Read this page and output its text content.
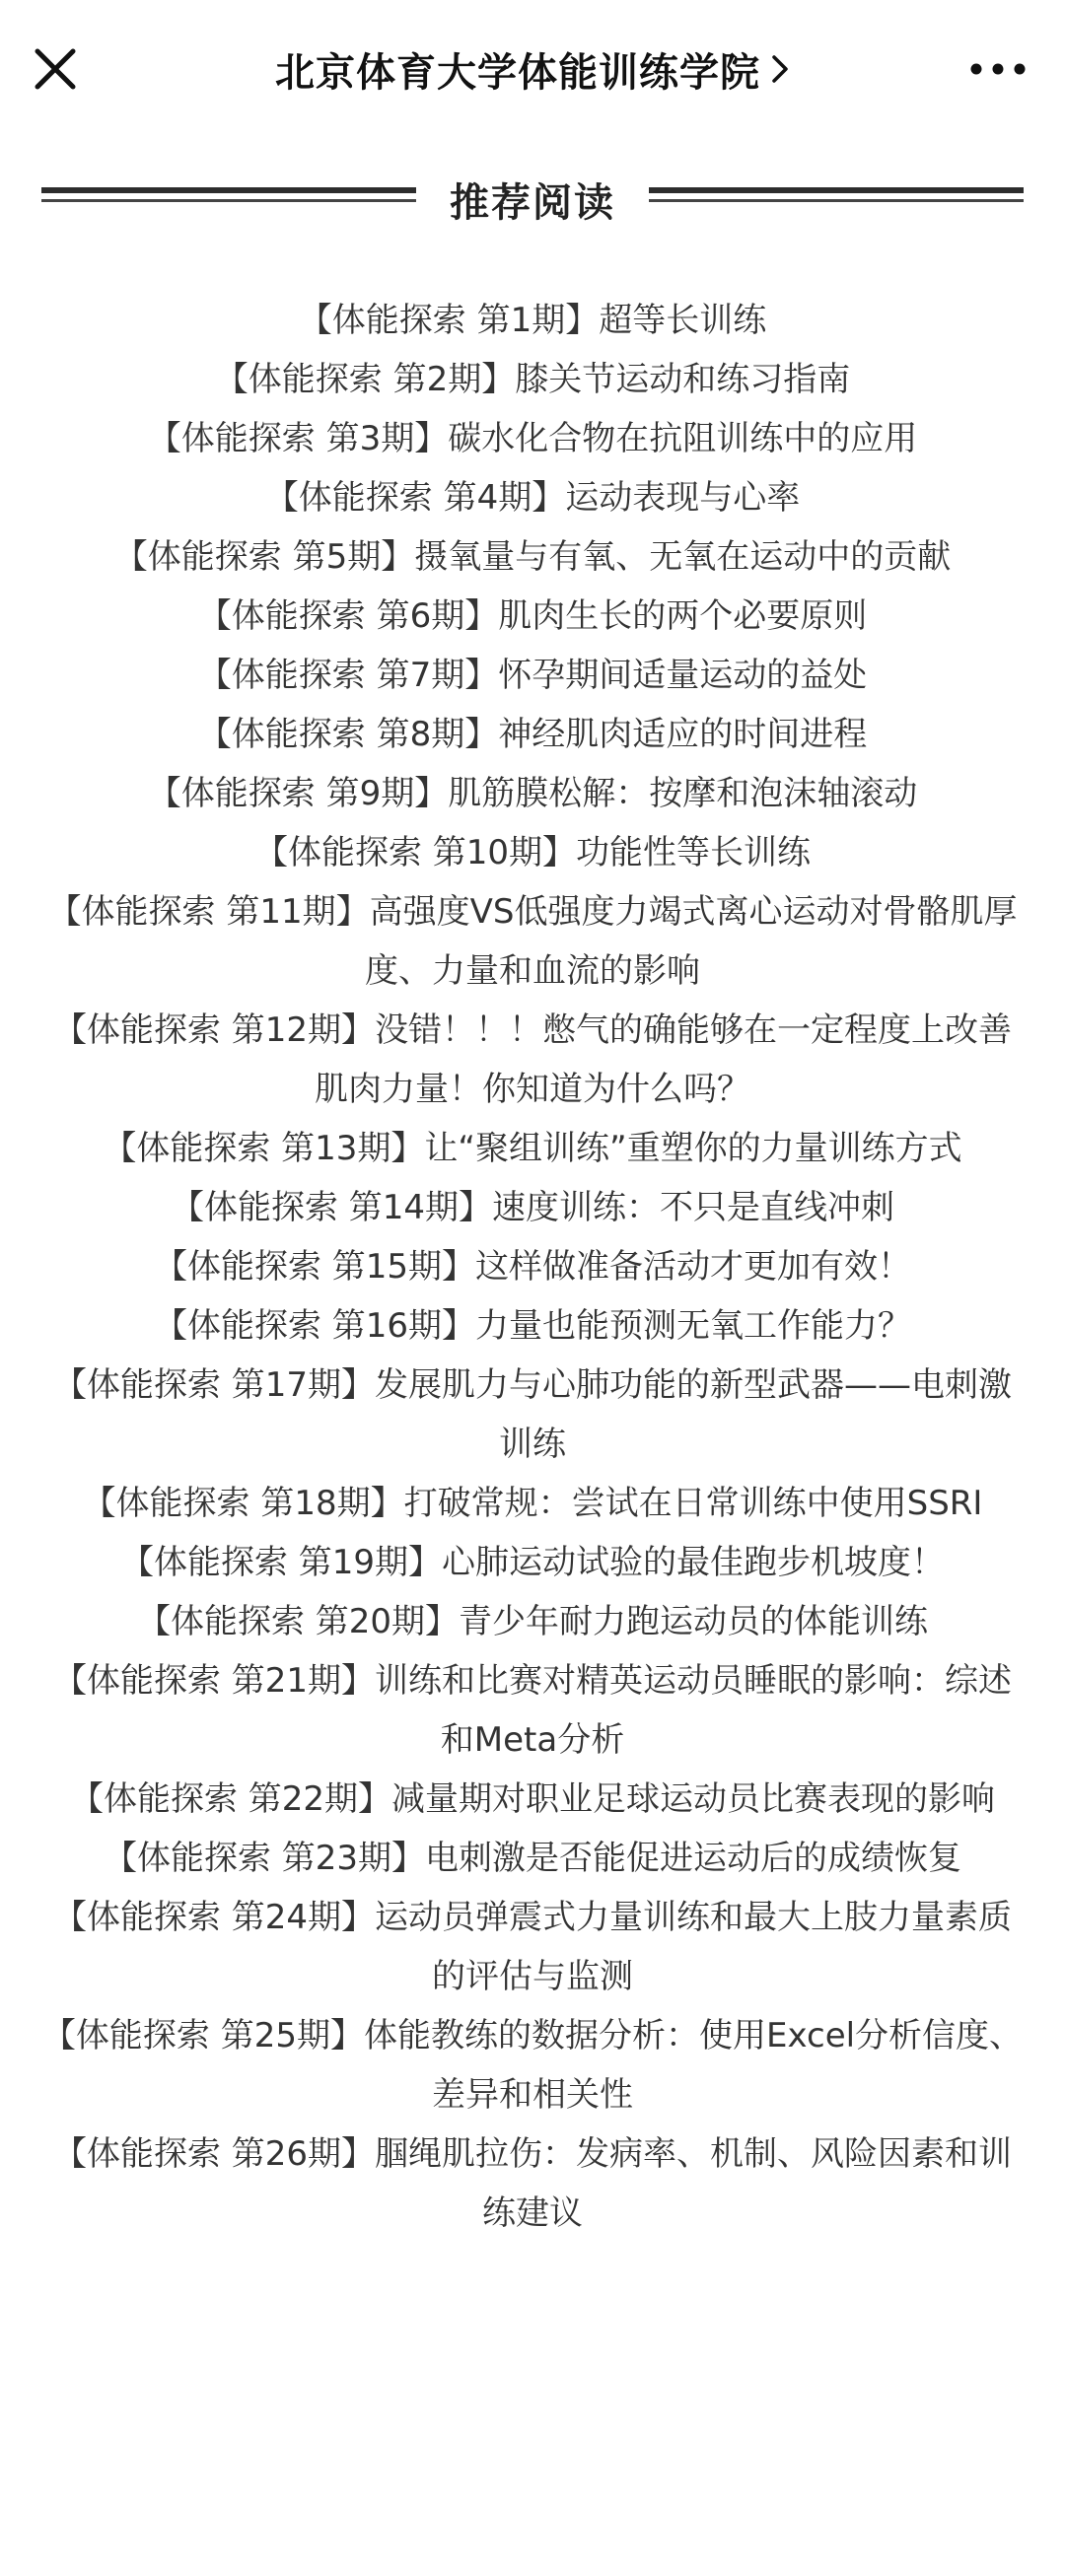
北京体育大学体能训练学院
推荐阅读
【体能探索 第1期】超等长训练
【体能探索 第2期】膝关节运动和练习指南
【体能探索 第3期】碳水化合物在抗阻训练中的应用
【体能探索 第4期】运动表现与心率
【体能探索 第5期】摄氧量与有氧、无氧在运动中的贡献
【体能探索 第6期】肌肉生长的两个必要原则
【体能探索 第7期】怀孕期间适量运动的益处
【体能探索 第8期】神经肌肉适应的时间进程
【体能探索 第9期】肌筋膜松解：按摩和泡沫轴滚动
【体能探索 第10期】功能性等长训练
【体能探索 第11期】高强度VS低强度力竭式离心运动对骨骼肌厚度、力量和血流的影响
【体能探索 第12期】没错！！！憋气的确能够在一定程度上改善肌肉力量！你知道为什么吗？
【体能探索 第13期】让“聚组训练”重塑你的力量训练方式
【体能探索 第14期】速度训练：不只是直线冲刺
【体能探索 第15期】这样做准备活动才更加有效！
【体能探索 第16期】力量也能预测无氧工作能力？
【体能探索 第17期】发展肌力与心肺功能的新型武器——电刺激训练
【体能探索 第18期】打破常规：尝试在日常训练中使用SSRI
【体能探索 第19期】心肺运动试验的最佳跑步机坡度！
【体能探索 第20期】青少年耐力跑运动员的体能训练
【体能探索 第21期】训练和比赛对精英运动员睡眠的影响：综述和Meta分析
【体能探索 第22期】减量期对职业足球运动员比赛表现的影响
【体能探索 第23期】电刺激是否能促进运动后的成绩恢复
【体能探索 第24期】运动员弹震式力量训练和最大上肢力量素质的评估与监测
【体能探索 第25期】体能教练的数据分析：使用Excel分析信度、差异和相关性
【体能探索 第26期】腘绳肌拉伤：发病率、机制、风险因素和训练建议
